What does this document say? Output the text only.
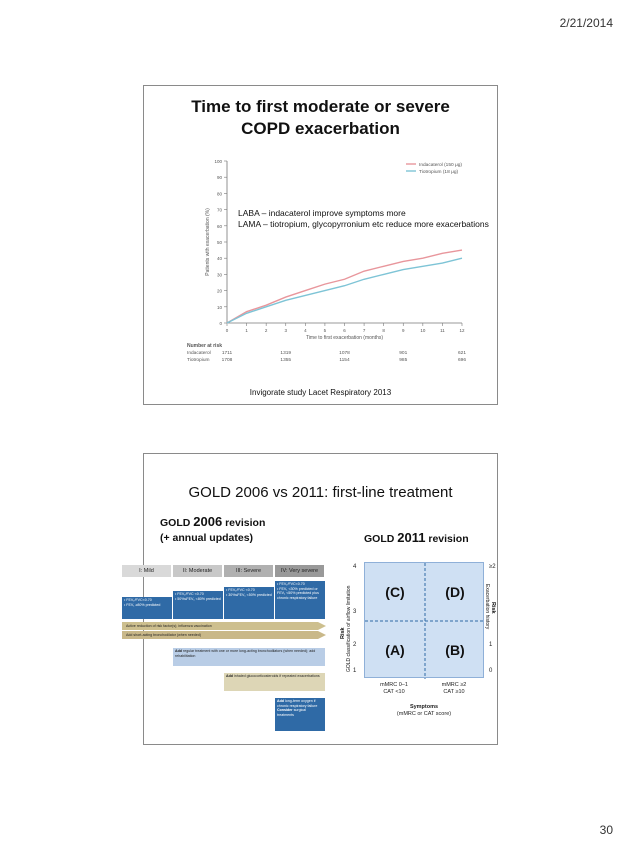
2/21/2014
Time to first moderate or severe
COPD exacerbation
0
10
20
30
40
50
60
70
80
90
100
0	1	2	3	4	5	6	7	8	9	10	11	12
Time to first exacerbation (months)
Patients with exacerbation (%)
Indacaterol (150 μg)
Tiotropium (18 μg)
Number at risk
Indacaterol 1711	1319	1078	901	621
Tiotropium	1708	1355	1154	985	696
LABA – indacaterol improve symptoms more
LAMA – tiotropium, glycopyrronium etc reduce more exacerbations
Invigorate study Lacet Respiratory 2013
GOLD 2006 vs 2011: first-line treatment
GOLD 2006 revision
(+ annual updates)	GOLD 2011 revision
I: Mild	II: Moderate	III: Severe	IV: Very severe
• FEV₁/FVC<0.70
• FEV₁ ≥80% predicted
• FEV₁/FVC <0.70
• 50%≤FEV₁ <80% predicted
• FEV₁/FVC <0.70
• 30%≤FEV₁ <50% predicted
• FEV₁/FVC<0.70
• FEV₁ <30% predicted or FEV₁ <50% predicted plus chronic respiratory failure
Active reduction of risk factor(s); influenza vaccination
Add short-acting bronchodilator (when needed)
Add regular treatment with one or more long-acting bronchodilators (when needed); add rehabilitation
Add inhaled glucocorticosteroids if repeated exacerbations
Add long-term oxygen if chronic respiratory failure
Consider surgical treatments
(C)	(D)
(A)	(B)
4
3
2
1
Risk GOLD classification of airflow limitation
≥2
1
0
Risk
Exacerbation history
mMRC 0–1
CAT <10
mMRC ≥2
CAT ≥10
Symptoms
(mMRC or CAT score)
30
